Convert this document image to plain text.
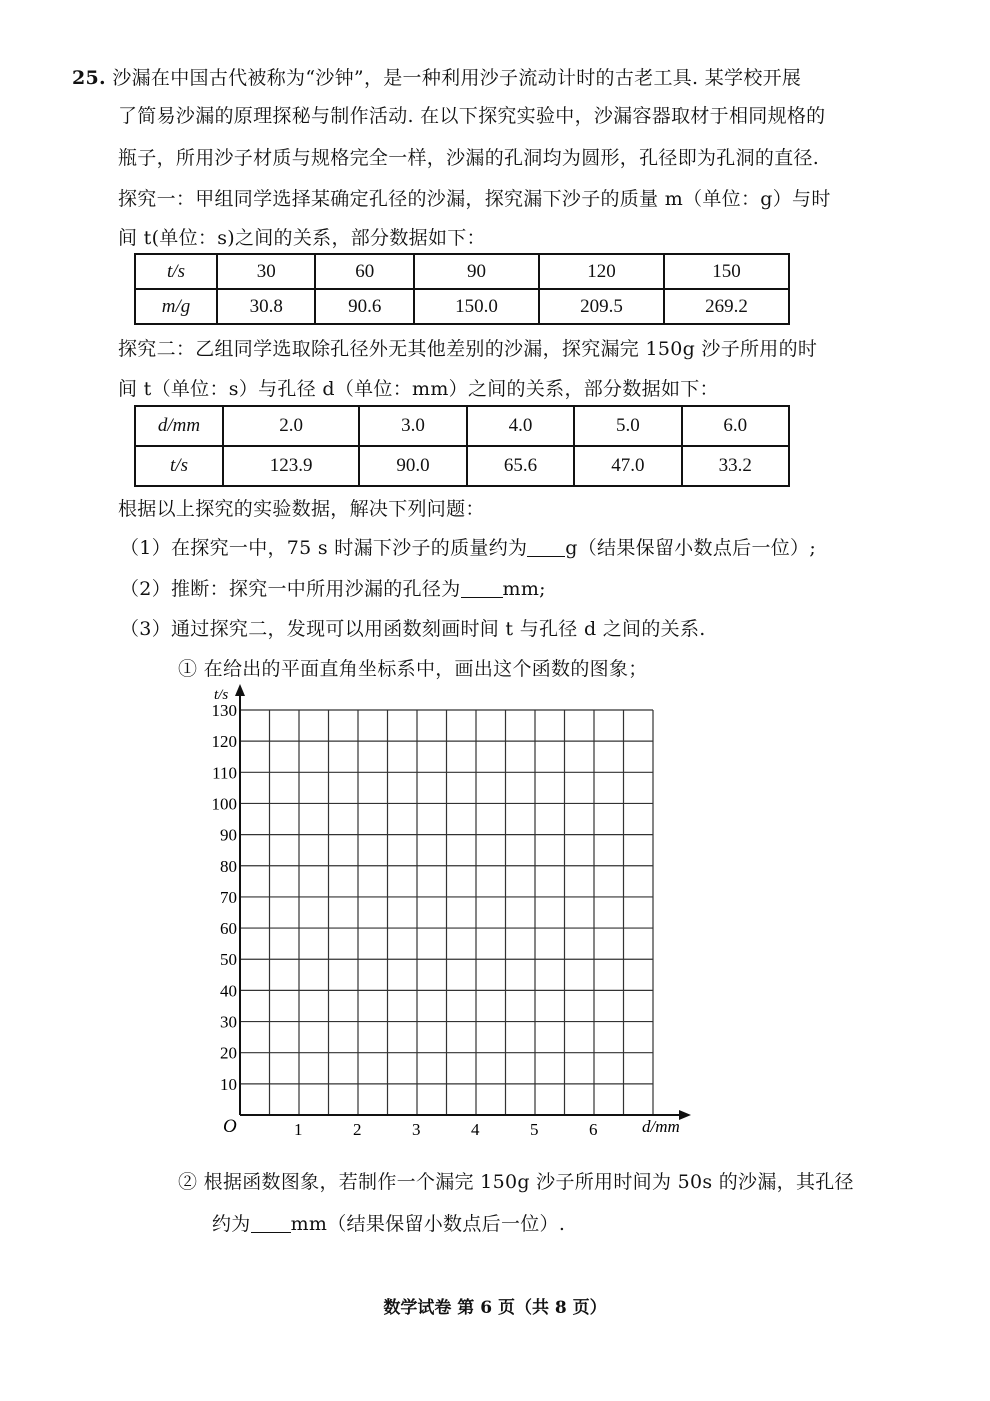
25. 沙漏在中国古代被称为“沙钟”，是一种利用沙子流动计时的古老工具. 某学校开展
了简易沙漏的原理探秘与制作活动. 在以下探究实验中，沙漏容器取材于相同规格的
瓶子，所用沙子材质与规格完全一样，沙漏的孔洞均为圆形，孔径即为孔洞的直径.
探究一：甲组同学选择某确定孔径的沙漏，探究漏下沙子的质量 m（单位：g）与时
间 t(单位：s)之间的关系，部分数据如下：
t/s	30	60	90	120	150
m/g	30.8	90.6	150.0	209.5	269.2
探究二：乙组同学选取除孔径外无其他差别的沙漏，探究漏完 150g 沙子所用的时
间 t（单位：s）与孔径 d（单位：mm）之间的关系，部分数据如下：
d/mm	2.0	3.0	4.0	5.0	6.0
t/s	123.9	90.0	65.6	47.0	33.2
根据以上探究的实验数据，解决下列问题：
（1）在探究一中，75 s 时漏下沙子的质量约为 g（结果保留小数点后一位）;
（2）推断：探究一中所用沙漏的孔径为 mm;
（3）通过探究二，发现可以用函数刻画时间 t 与孔径 d 之间的关系.
① 在给出的平面直角坐标系中，画出这个函数的图象；
1	2	3	4	5	6
10
20
30
40
50
60
70
80
90
100
110
120
130
O
t/s
d/mm
② 根据函数图象，若制作一个漏完 150g 沙子所用时间为 50s 的沙漏，其孔径
约为 mm（结果保留小数点后一位）.
数学试卷 第 6 页（共 8 页）
